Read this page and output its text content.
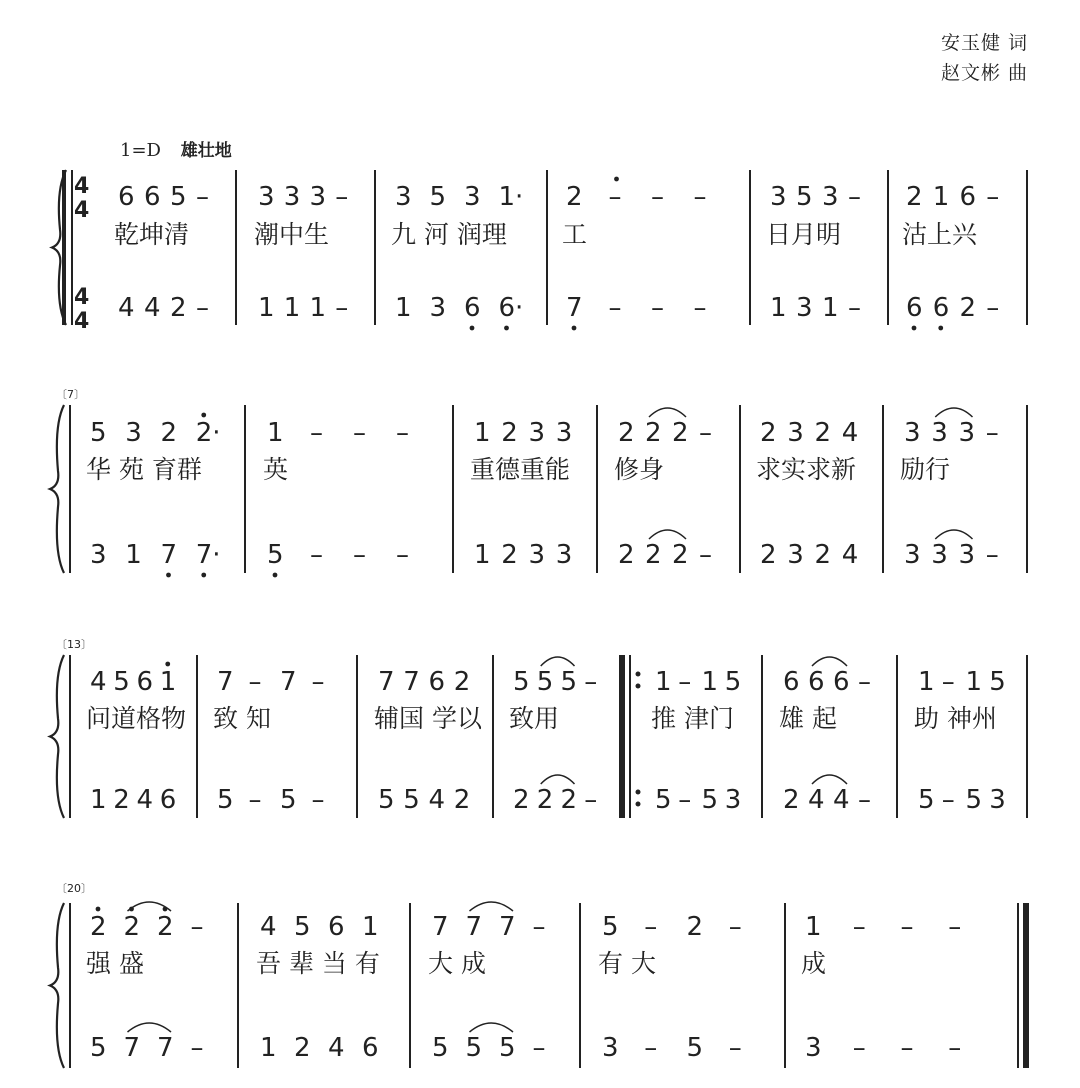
安玉健 词
赵文彬 曲
1=D 雄壮地
4
4
4
4
6 6 5 –
4 4 2 –
乾坤清
3 3 3 –
1 1 1 –
潮中生
3 5 3 1·
1 3 6 6·
九 河 润理
2 – – –
7 – – –
工
3 5 3 –
1 3 1 –
日月明
2 1 6 –
6 6 2 –
沽上兴
〔7〕
5 3 2 2·
3 1 7 7·
华 苑 育群
1 – – –
5 – – –
英
1 2 3 3
1 2 3 3
重德重能
2 2 2 –
2 2 2 –
修身
2 3 2 4
2 3 2 4
求实求新
3 3 3 –
3 3 3 –
励行
〔13〕
4 5 6 1
1 2 4 6
问道格物
7 – 7 –
5 – 5 –
致 知
7 7 6 2
5 5 4 2
辅国 学以
5 5 5 –
2 2 2 –
致用
1 – 1 5
5 – 5 3
推 津门
6 6 6 –
2 4 4 –
雄 起
1 – 1 5
5 – 5 3
助 神州
〔20〕
2 2 2 –
5 7 7 –
强 盛
4 5 6 1
1 2 4 6
吾 辈 当 有
7 7 7 –
5 5 5 –
大 成
5 – 2 –
3 – 5 –
有 大
1 – – –
3 – – –
成
